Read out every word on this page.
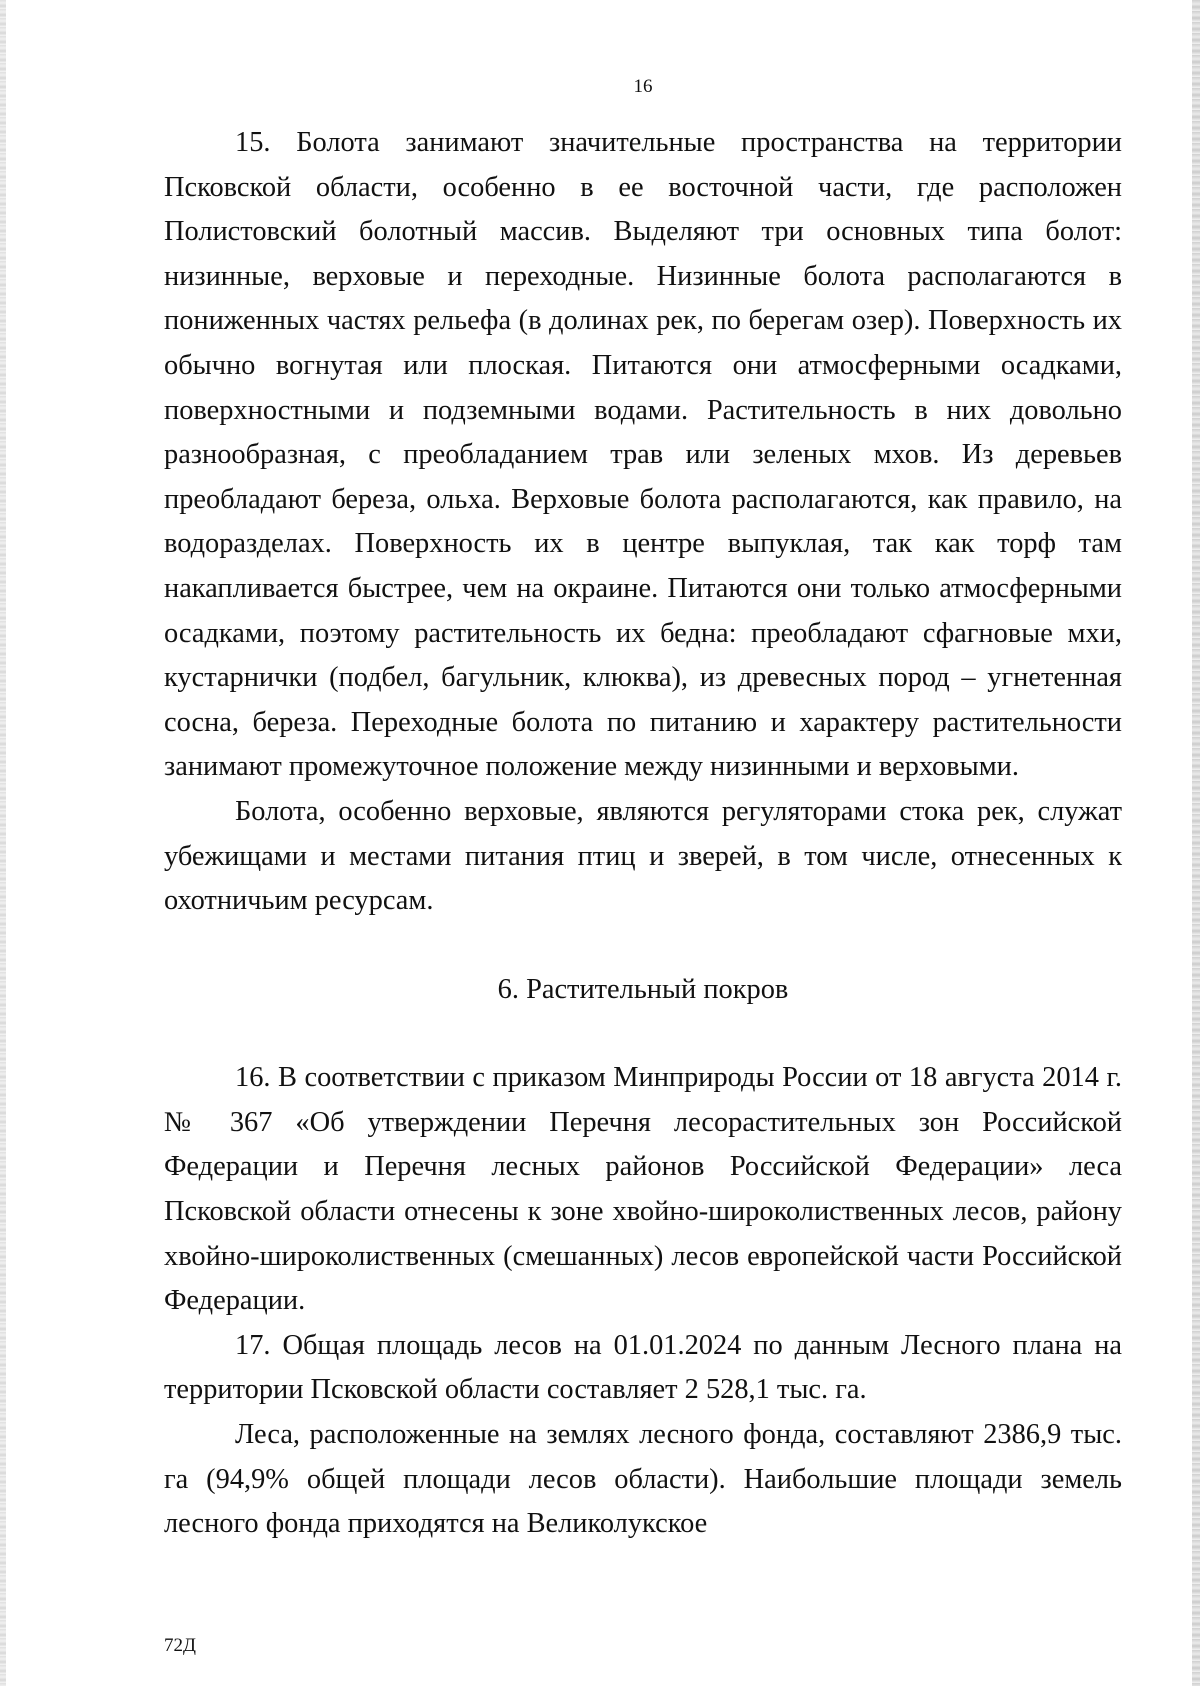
16

15. Болота занимают значительные пространства на территории Псковской области, особенно в ее восточной части, где расположен Полистовский болотный массив. Выделяют три основных типа болот: низинные, верховые и переходные. Низинные болота располагаются в пониженных частях рельефа (в долинах рек, по берегам озер). Поверхность их обычно вогнутая или плоская. Питаются они атмосферными осадками, поверхностными и подземными водами. Растительность в них довольно разнообразная, с преобладанием трав или зеленых мхов. Из деревьев преобладают береза, ольха. Верховые болота располагаются, как правило, на водоразделах. Поверхность их в центре выпуклая, так как торф там накапливается быстрее, чем на окраине. Питаются они только атмосферными осадками, поэтому растительность их бедна: преобладают сфагновые мхи, кустарнички (подбел, багульник, клюква), из древесных пород – угнетенная сосна, береза. Переходные болота по питанию и характеру растительности занимают промежуточное положение между низинными и верховыми.

Болота, особенно верховые, являются регуляторами стока рек, служат убежищами и местами питания птиц и зверей, в том числе, отнесенных к охотничьим ресурсам.

6. Растительный покров

16. В соответствии с приказом Минприроды России от 18 августа 2014 г. № 367 «Об утверждении Перечня лесорастительных зон Российской Федерации и Перечня лесных районов Российской Федерации» леса Псковской области отнесены к зоне хвойно-широколиственных лесов, району хвойно-широколиственных (смешанных) лесов европейской части Российской Федерации.

17. Общая площадь лесов на 01.01.2024 по данным Лесного плана на территории Псковской области составляет 2 528,1 тыс. га.

Леса, расположенные на землях лесного фонда, составляют 2386,9 тыс. га (94,9% общей площади лесов области). Наибольшие площади земель лесного фонда приходятся на Великолукское

72Д
